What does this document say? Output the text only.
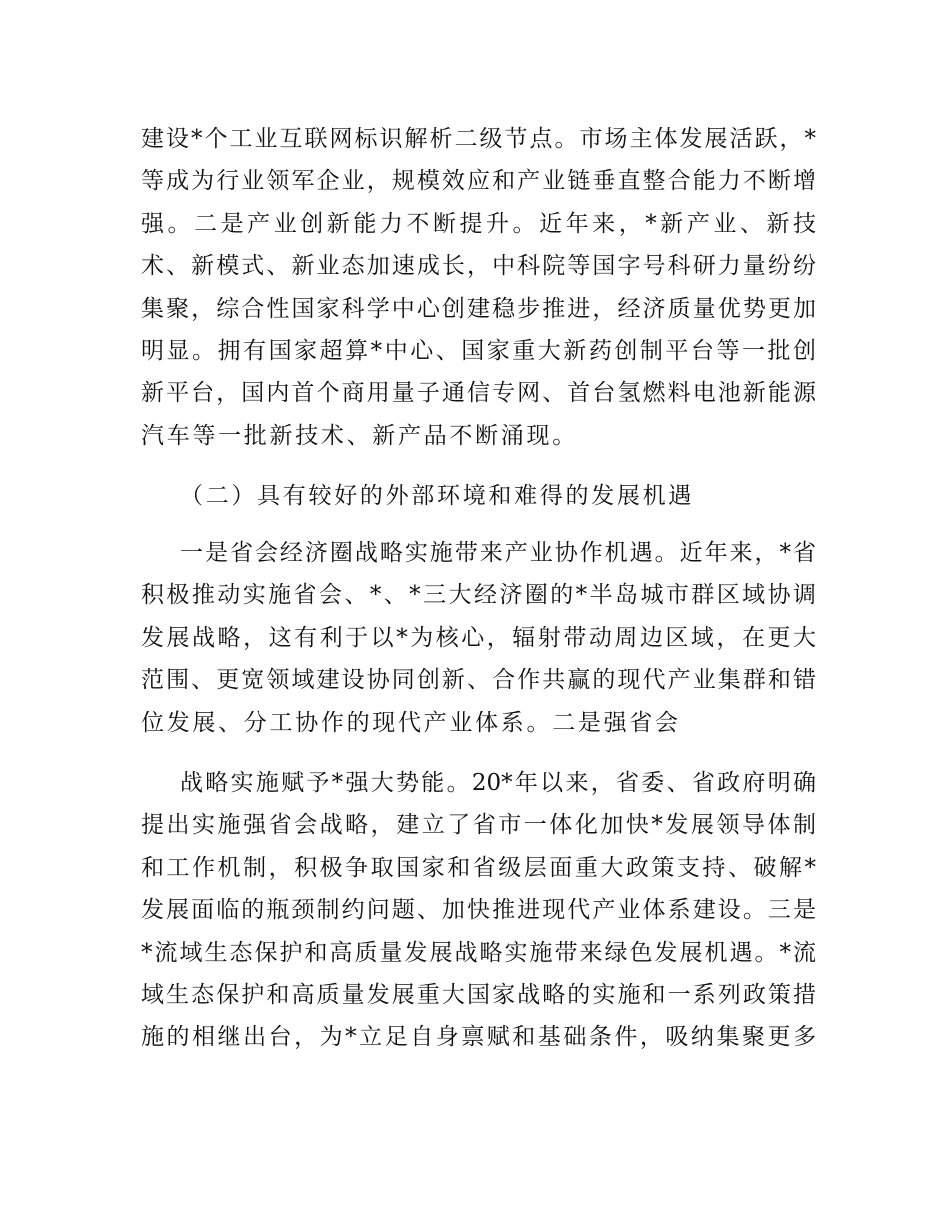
建设*个工业互联网标识解析二级节点。市场主体发展活跃，*
等成为行业领军企业，规模效应和产业链垂直整合能力不断增
强。二是产业创新能力不断提升。近年来，*新产业、新技
术、新模式、新业态加速成长，中科院等国字号科研力量纷纷
集聚，综合性国家科学中心创建稳步推进，经济质量优势更加
明显。拥有国家超算*中心、国家重大新药创制平台等一批创
新平台，国内首个商用量子通信专网、首台氢燃料电池新能源
汽车等一批新技术、新产品不断涌现。
（二）具有较好的外部环境和难得的发展机遇
一是省会经济圈战略实施带来产业协作机遇。近年来，*省
积极推动实施省会、*、*三大经济圈的*半岛城市群区域协调
发展战略，这有利于以*为核心，辐射带动周边区域，在更大
范围、更宽领域建设协同创新、合作共赢的现代产业集群和错
位发展、分工协作的现代产业体系。二是强省会
战略实施赋予*强大势能。20*年以来，省委、省政府明确
提出实施强省会战略，建立了省市一体化加快*发展领导体制
和工作机制，积极争取国家和省级层面重大政策支持、破解*
发展面临的瓶颈制约问题、加快推进现代产业体系建设。三是
*流域生态保护和高质量发展战略实施带来绿色发展机遇。*流
域生态保护和高质量发展重大国家战略的实施和一系列政策措
施的相继出台，为*立足自身禀赋和基础条件，吸纳集聚更多
